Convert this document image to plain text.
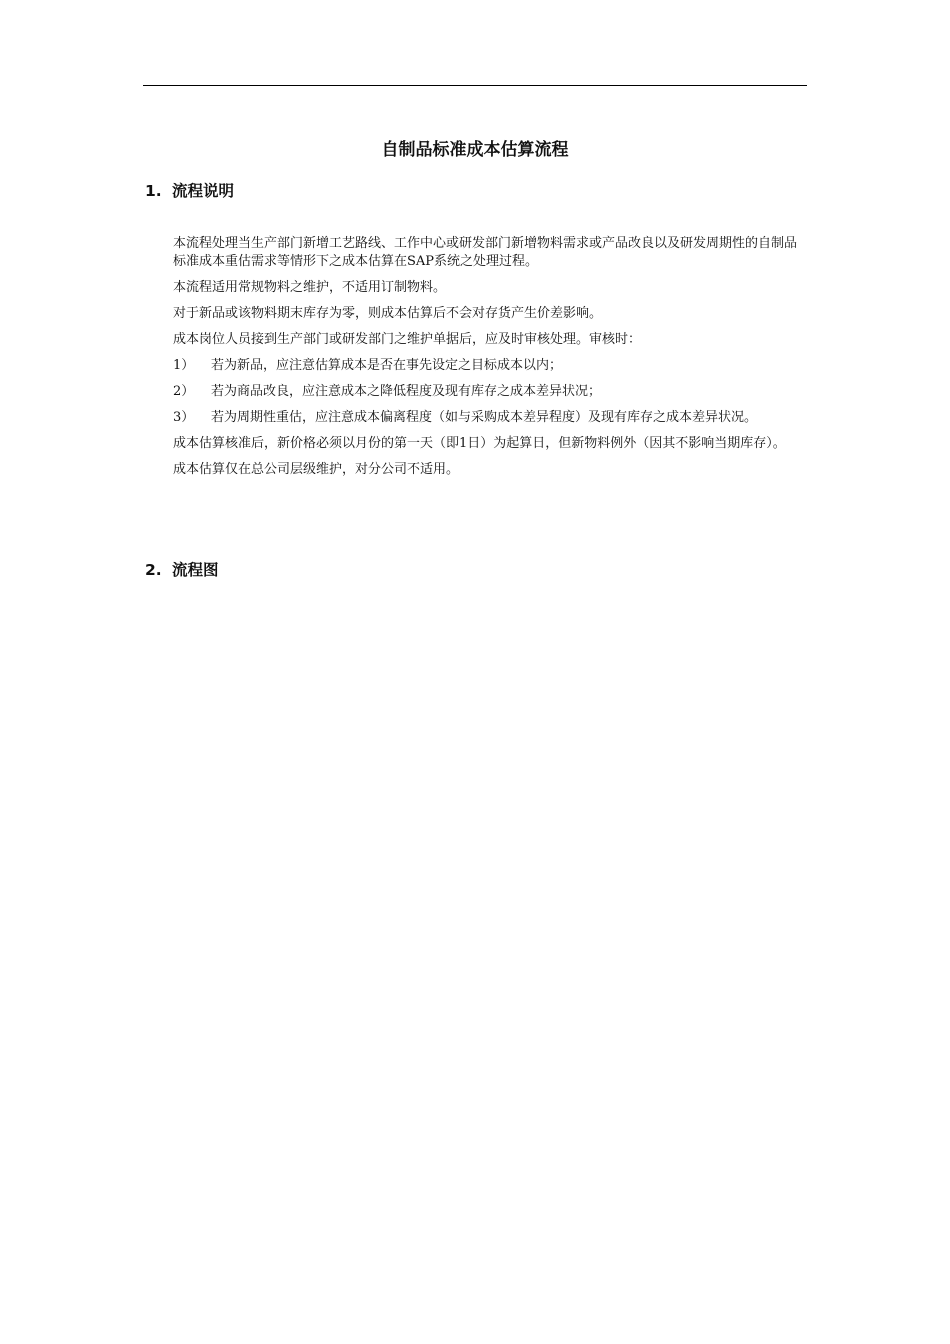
自制品标准成本估算流程
1. 流程说明

本流程处理当生产部门新增工艺路线、工作中心或研发部门新增物料需求或产品改良以及研发周期性的自制品标准成本重估需求等情形下之成本估算在SAP系统之处理过程。

本流程适用常规物料之维护，不适用订制物料。

对于新品或该物料期末库存为零，则成本估算后不会对存货产生价差影响。

成本岗位人员接到生产部门或研发部门之维护单据后，应及时审核处理。审核时：

1） 若为新品，应注意估算成本是否在事先设定之目标成本以内；
2） 若为商品改良，应注意成本之降低程度及现有库存之成本差异状况；
3） 若为周期性重估，应注意成本偏离程度（如与采购成本差异程度）及现有库存之成本差异状况。

成本估算核准后，新价格必须以月份的第一天（即1日）为起算日，但新物料例外（因其不影响当期库存）。

成本估算仅在总公司层级维护，对分公司不适用。

2. 流程图
